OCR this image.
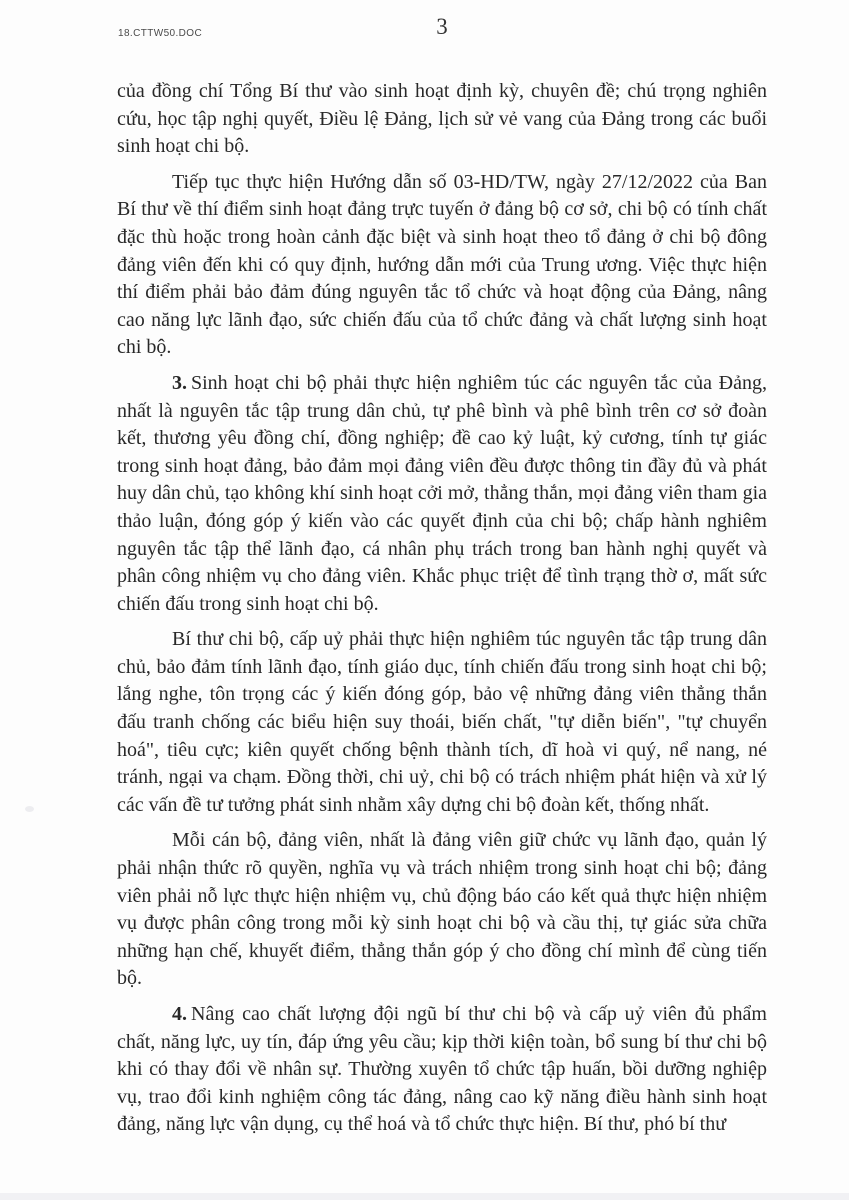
18.CTTW50.DOC	3

của đồng chí Tổng Bí thư vào sinh hoạt định kỳ, chuyên đề; chú trọng nghiên cứu, học tập nghị quyết, Điều lệ Đảng, lịch sử vẻ vang của Đảng trong các buổi sinh hoạt chi bộ.

Tiếp tục thực hiện Hướng dẫn số 03-HD/TW, ngày 27/12/2022 của Ban Bí thư về thí điểm sinh hoạt đảng trực tuyến ở đảng bộ cơ sở, chi bộ có tính chất đặc thù hoặc trong hoàn cảnh đặc biệt và sinh hoạt theo tổ đảng ở chi bộ đông đảng viên đến khi có quy định, hướng dẫn mới của Trung ương. Việc thực hiện thí điểm phải bảo đảm đúng nguyên tắc tổ chức và hoạt động của Đảng, nâng cao năng lực lãnh đạo, sức chiến đấu của tổ chức đảng và chất lượng sinh hoạt chi bộ.

3. Sinh hoạt chi bộ phải thực hiện nghiêm túc các nguyên tắc của Đảng, nhất là nguyên tắc tập trung dân chủ, tự phê bình và phê bình trên cơ sở đoàn kết, thương yêu đồng chí, đồng nghiệp; đề cao kỷ luật, kỷ cương, tính tự giác trong sinh hoạt đảng, bảo đảm mọi đảng viên đều được thông tin đầy đủ và phát huy dân chủ, tạo không khí sinh hoạt cởi mở, thẳng thắn, mọi đảng viên tham gia thảo luận, đóng góp ý kiến vào các quyết định của chi bộ; chấp hành nghiêm nguyên tắc tập thể lãnh đạo, cá nhân phụ trách trong ban hành nghị quyết và phân công nhiệm vụ cho đảng viên. Khắc phục triệt để tình trạng thờ ơ, mất sức chiến đấu trong sinh hoạt chi bộ.

Bí thư chi bộ, cấp uỷ phải thực hiện nghiêm túc nguyên tắc tập trung dân chủ, bảo đảm tính lãnh đạo, tính giáo dục, tính chiến đấu trong sinh hoạt chi bộ; lắng nghe, tôn trọng các ý kiến đóng góp, bảo vệ những đảng viên thẳng thắn đấu tranh chống các biểu hiện suy thoái, biến chất, "tự diễn biến", "tự chuyển hoá", tiêu cực; kiên quyết chống bệnh thành tích, dĩ hoà vi quý, nể nang, né tránh, ngại va chạm. Đồng thời, chi uỷ, chi bộ có trách nhiệm phát hiện và xử lý các vấn đề tư tưởng phát sinh nhằm xây dựng chi bộ đoàn kết, thống nhất.

Mỗi cán bộ, đảng viên, nhất là đảng viên giữ chức vụ lãnh đạo, quản lý phải nhận thức rõ quyền, nghĩa vụ và trách nhiệm trong sinh hoạt chi bộ; đảng viên phải nỗ lực thực hiện nhiệm vụ, chủ động báo cáo kết quả thực hiện nhiệm vụ được phân công trong mỗi kỳ sinh hoạt chi bộ và cầu thị, tự giác sửa chữa những hạn chế, khuyết điểm, thẳng thắn góp ý cho đồng chí mình để cùng tiến bộ.

4. Nâng cao chất lượng đội ngũ bí thư chi bộ và cấp uỷ viên đủ phẩm chất, năng lực, uy tín, đáp ứng yêu cầu; kịp thời kiện toàn, bổ sung bí thư chi bộ khi có thay đổi về nhân sự. Thường xuyên tổ chức tập huấn, bồi dưỡng nghiệp vụ, trao đổi kinh nghiệm công tác đảng, nâng cao kỹ năng điều hành sinh hoạt đảng, năng lực vận dụng, cụ thể hoá và tổ chức thực hiện. Bí thư, phó bí thư
